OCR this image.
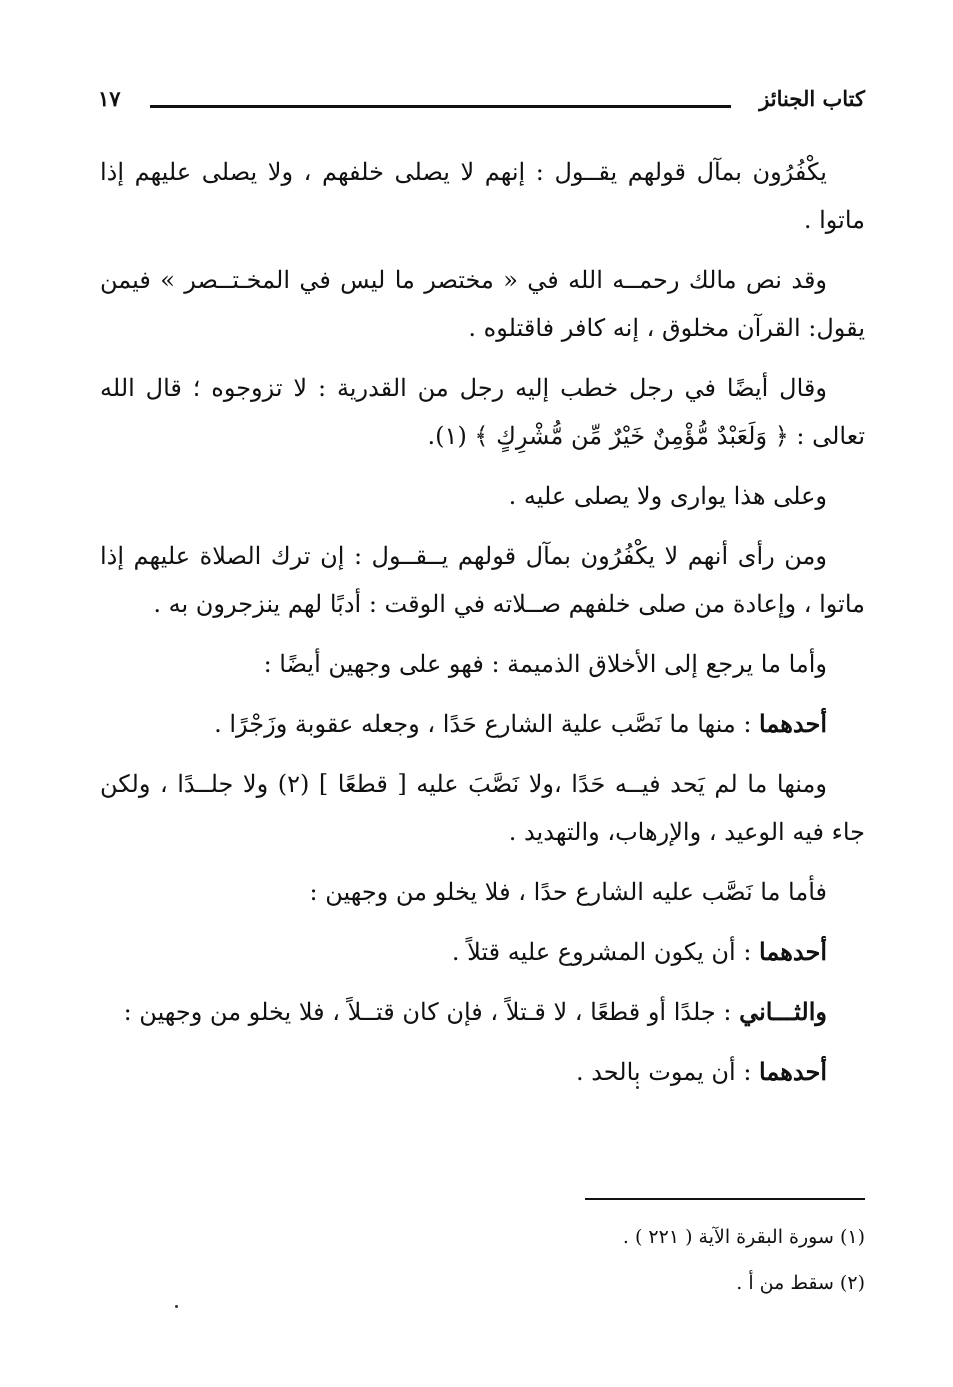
كتاب الجنائز
١٧

يكْفُرُون بمآل قولهم يقــول : إنهم لا يصلى خلفهم ، ولا يصلى عليهم إذا ماتوا .

وقد نص مالك رحمــه الله في « مختصر ما ليس في المخـتــصر » فيمن يقول: القرآن مخلوق ، إنه كافر فاقتلوه .

وقال أيضًا في رجل خطب إليه رجل من القدرية : لا تزوجوه ؛ قال الله تعالى : ﴿ وَلَعَبْدٌ مُّؤْمِنٌ خَيْرٌ مِّن مُّشْرِكٍ ﴾ (١).

وعلى هذا يوارى ولا يصلى عليه .

ومن رأى أنهم لا يكْفُرُون بمآل قولهم يــقــول : إن ترك الصلاة عليهم إذا ماتوا ، وإعادة من صلى خلفهم صــلاته في الوقت : أدبًا لهم ينزجرون به .

وأما ما يرجع إلى الأخلاق الذميمة : فهو على وجهين أيضًا :

أحدهما : منها ما نَصَّب علية الشارع حَدًا ، وجعله عقوبة وزَجْرًا .

ومنها ما لم يَحد فيــه حَدًا ،ولا نَصَّبَ عليه [ قطعًا ] (٢) ولا جلــدًا ، ولكن جاء فيه الوعيد ، والإرهاب، والتهديد .

فأما ما نَصَّب عليه الشارع حدًا ، فلا يخلو من وجهين :

أحدهما : أن يكون المشروع عليه قتلاً .

والثـــاني : جلدًا أو قطعًا ، لا قـتلاً ، فإن كان قتــلاً ، فلا يخلو من وجهين :

أحدهما : أن يموت بالحد .

(١) سورة البقرة الآية ( ٢٢١ ) .
(٢) سقط من أ .
